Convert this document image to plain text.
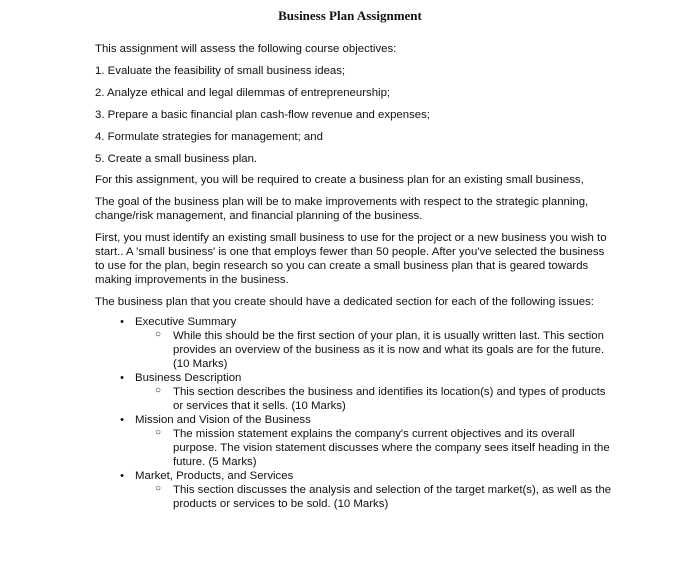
Business Plan Assignment

This assignment will assess the following course objectives:

1. Evaluate the feasibility of small business ideas;

2. Analyze ethical and legal dilemmas of entrepreneurship;

3. Prepare a basic financial plan cash-flow revenue and expenses;

4. Formulate strategies for management; and

5. Create a small business plan.

For this assignment, you will be required to create a business plan for an existing small business,

The goal of the business plan will be to make improvements with respect to the strategic planning, change/risk management, and financial planning of the business.

First, you must identify an existing small business to use for the project or a new business you wish to start.. A 'small business' is one that employs fewer than 50 people. After you've selected the business to use for the plan, begin research so you can create a small business plan that is geared towards making improvements in the business.

The business plan that you create should have a dedicated section for each of the following issues:

• Executive Summary
○ While this should be the first section of your plan, it is usually written last. This section provides an overview of the business as it is now and what its goals are for the future. (10 Marks)
• Business Description
○ This section describes the business and identifies its location(s) and types of products or services that it sells. (10 Marks)
• Mission and Vision of the Business
○ The mission statement explains the company's current objectives and its overall purpose. The vision statement discusses where the company sees itself heading in the future. (5 Marks)
• Market, Products, and Services
○ This section discusses the analysis and selection of the target market(s), as well as the products or services to be sold. (10 Marks)
